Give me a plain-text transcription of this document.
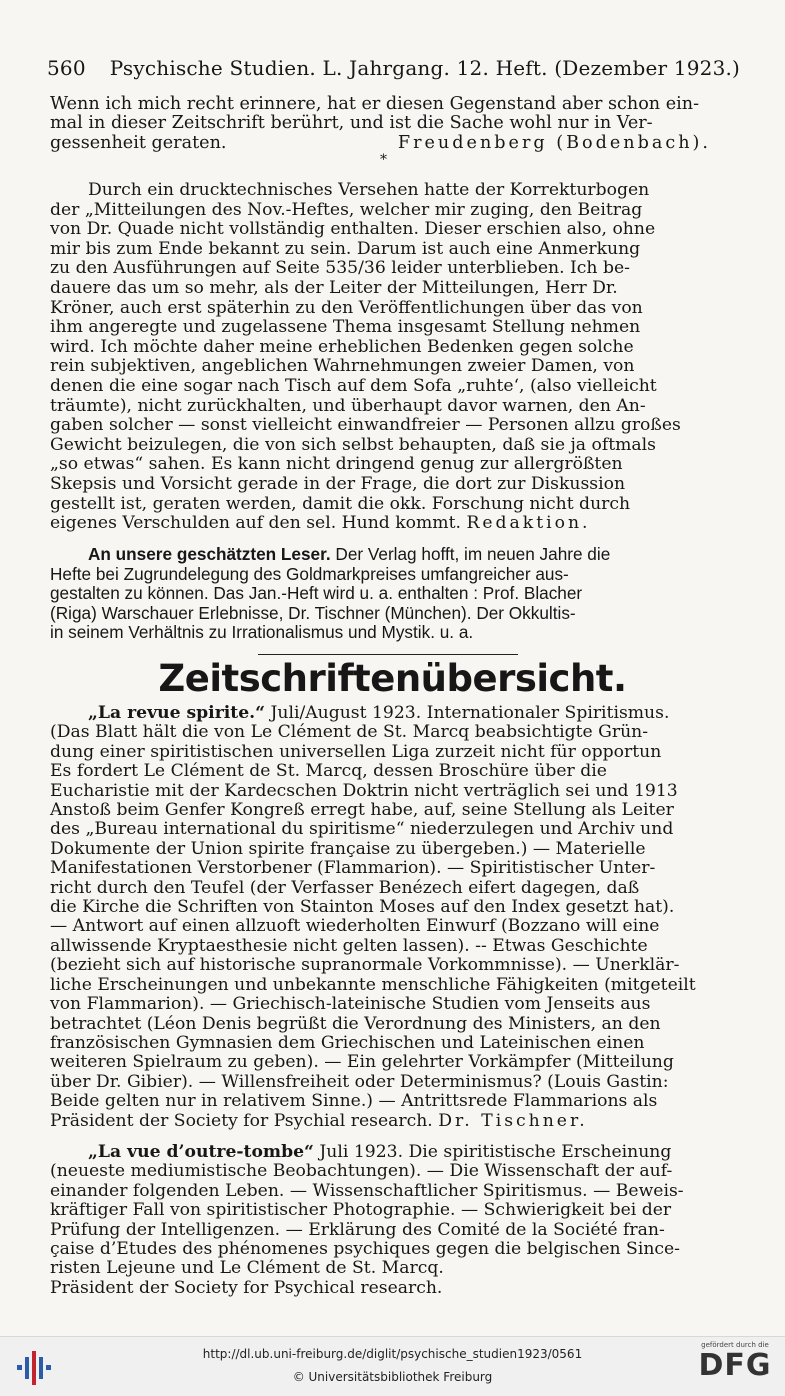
560 Psychische Studien. L. Jahrgang. 12. Heft. (Dezember 1923.)

Wenn ich mich recht erinnere, hat er diesen Gegenstand aber schon ein-

mal in dieser Zeitschrift berührt, und ist die Sache wohl nur in Ver-

gessenheit geraten.	Freudenberg (Bodenbach).

*

Durch ein drucktechnisches Versehen hatte der Korrekturbogen

der „Mitteilungen des Nov.-Heftes, welcher mir zuging, den Beitrag

von Dr. Quade nicht vollständig enthalten. Dieser erschien also, ohne

mir bis zum Ende bekannt zu sein. Darum ist auch eine Anmerkung

zu den Ausführungen auf Seite 535/36 leider unterblieben. Ich be-

dauere das um so mehr, als der Leiter der Mitteilungen, Herr Dr.

Kröner, auch erst späterhin zu den Veröffentlichungen über das von

ihm angeregte und zugelassene Thema insgesamt Stellung nehmen

wird. Ich möchte daher meine erheblichen Bedenken gegen solche

rein subjektiven, angeblichen Wahrnehmungen zweier Damen, von

denen die eine sogar nach Tisch auf dem Sofa „ruhte‘, (also vielleicht

träumte), nicht zurückhalten, und überhaupt davor warnen, den An-

gaben solcher — sonst vielleicht einwandfreier — Personen allzu großes

Gewicht beizulegen, die von sich selbst behaupten, daß sie ja oftmals

„so etwas“ sahen. Es kann nicht dringend genug zur allergrößten

Skepsis und Vorsicht gerade in der Frage, die dort zur Diskussion

gestellt ist, geraten werden, damit die okk. Forschung nicht durch

eigenes Verschulden auf den sel. Hund kommt. Redaktion.

An unsere geschätzten Leser. Der Verlag hofft, im neuen Jahre die

Hefte bei Zugrundelegung des Goldmarkpreises umfangreicher aus-

gestalten zu können. Das Jan.-Heft wird u. a. enthalten : Prof. Blacher

(Riga) Warschauer Erlebnisse, Dr. Tischner (München). Der Okkultis-

in seinem Verhältnis zu Irrationalismus und Mystik. u. a.

Zeitschriftenübersicht.

„La revue spirite.“ Juli/August 1923. Internationaler Spiritismus.

(Das Blatt hält die von Le Clément de St. Marcq beabsichtigte Grün-

dung einer spiritistischen universellen Liga zurzeit nicht für opportun

Es fordert Le Clément de St. Marcq, dessen Broschüre über die

Eucharistie mit der Kardecschen Doktrin nicht verträglich sei und 1913

Anstoß beim Genfer Kongreß erregt habe, auf, seine Stellung als Leiter

des „Bureau international du spiritisme“ niederzulegen und Archiv und

Dokumente der Union spirite française zu übergeben.) — Materielle

Manifestationen Verstorbener (Flammarion). — Spiritistischer Unter-

richt durch den Teufel (der Verfasser Benézech eifert dagegen, daß

die Kirche die Schriften von Stainton Moses auf den Index gesetzt hat).

— Antwort auf einen allzuoft wiederholten Einwurf (Bozzano will eine

allwissende Kryptaesthesie nicht gelten lassen). -- Etwas Geschichte

(bezieht sich auf historische supranormale Vorkommnisse). — Unerklär-

liche Erscheinungen und unbekannte menschliche Fähigkeiten (mitgeteilt

von Flammarion). — Griechisch-lateinische Studien vom Jenseits aus

betrachtet (Léon Denis begrüßt die Verordnung des Ministers, an den

französischen Gymnasien dem Griechischen und Lateinischen einen

weiteren Spielraum zu geben). — Ein gelehrter Vorkämpfer (Mitteilung

über Dr. Gibier). — Willensfreiheit oder Determinismus? (Louis Gastin:

Beide gelten nur in relativem Sinne.) — Antrittsrede Flammarions als

Präsident der Society for Psychial research. Dr. Tischner.

„La vue d’outre-tombe“ Juli 1923. Die spiritistische Erscheinung

(neueste mediumistische Beobachtungen). — Die Wissenschaft der auf-

einander folgenden Leben. — Wissenschaftlicher Spiritismus. — Beweis-

kräftiger Fall von spiritistischer Photographie. — Schwierigkeit bei der

Prüfung der Intelligenzen. — Erklärung des Comité de la Société fran-

çaise d’Etudes des phénomenes psychiques gegen die belgischen Since-

risten Lejeune und Le Clément de St. Marcq.

Präsident der Society for Psychical research.

http://dl.ub.uni-freiburg.de/diglit/psychische_studien1923/0561
© Universitätsbibliothek Freiburg
gefördert durch die
DFG
